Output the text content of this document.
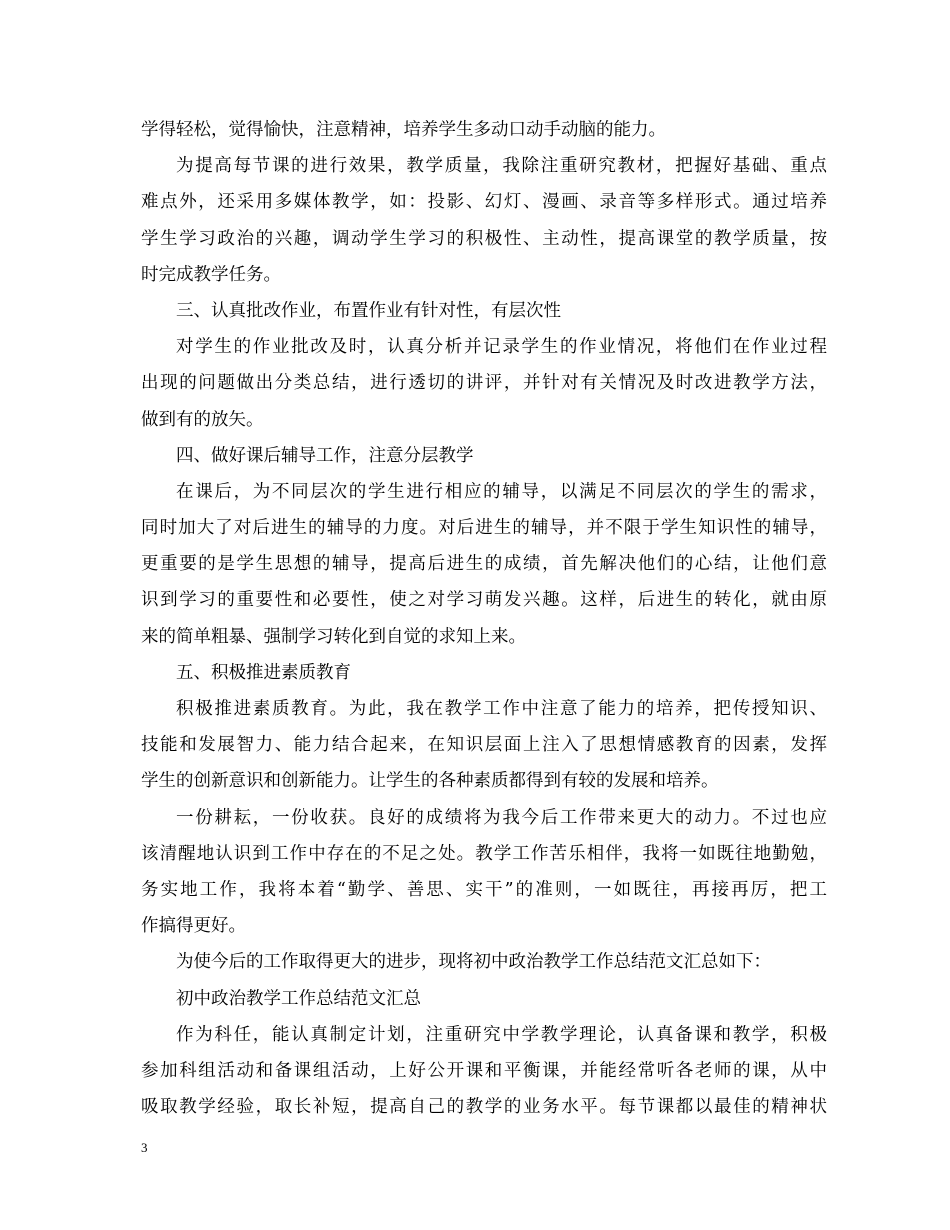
学得轻松，觉得愉快，注意精神，培养学生多动口动手动脑的能力。
为提高每节课的进行效果，教学质量，我除注重研究教材，把握好基础、重点
难点外，还采用多媒体教学，如：投影、幻灯、漫画、录音等多样形式。通过培养
学生学习政治的兴趣，调动学生学习的积极性、主动性，提高课堂的教学质量，按
时完成教学任务。
三、认真批改作业，布置作业有针对性，有层次性
对学生的作业批改及时，认真分析并记录学生的作业情况，将他们在作业过程
出现的问题做出分类总结，进行透切的讲评，并针对有关情况及时改进教学方法，
做到有的放矢。
四、做好课后辅导工作，注意分层教学
在课后，为不同层次的学生进行相应的辅导，以满足不同层次的学生的需求，
同时加大了对后进生的辅导的力度。对后进生的辅导，并不限于学生知识性的辅导，
更重要的是学生思想的辅导，提高后进生的成绩，首先解决他们的心结，让他们意
识到学习的重要性和必要性，使之对学习萌发兴趣。这样，后进生的转化，就由原
来的简单粗暴、强制学习转化到自觉的求知上来。
五、积极推进素质教育
积极推进素质教育。为此，我在教学工作中注意了能力的培养，把传授知识、
技能和发展智力、能力结合起来，在知识层面上注入了思想情感教育的因素，发挥
学生的创新意识和创新能力。让学生的各种素质都得到有较的发展和培养。
一份耕耘，一份收获。良好的成绩将为我今后工作带来更大的动力。不过也应
该清醒地认识到工作中存在的不足之处。教学工作苦乐相伴，我将一如既往地勤勉，
务实地工作，我将本着“勤学、善思、实干”的准则，一如既往，再接再厉，把工
作搞得更好。
为使今后的工作取得更大的进步，现将初中政治教学工作总结范文汇总如下：
初中政治教学工作总结范文汇总
作为科任，能认真制定计划，注重研究中学教学理论，认真备课和教学，积极
参加科组活动和备课组活动，上好公开课和平衡课，并能经常听各老师的课，从中
吸取教学经验，取长补短，提高自己的教学的业务水平。每节课都以最佳的精神状
3
